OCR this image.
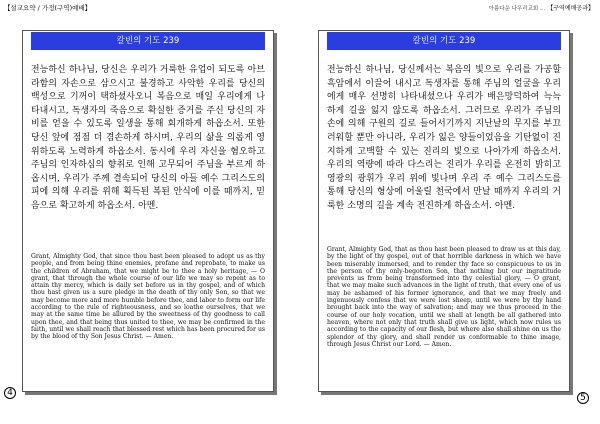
【설교요약 / 가정(구역)예배】	아름다운 나우리교회 ... 【구역예배공과】
칼빈의 기도 239
전능하신 하나님, 당신은 우리가 거룩한 유업이 되도록 아브라함의 자손으로 삼으시고 불경하고 사악한 우리를 당신의 백성으로 기꺼이 택하셨사오니 복음으로 매일 우리에게 나타내시고, 독생자의 죽음으로 확실한 증거를 주신 당신의 자비를 얻을 수 있도록 일생을 통해 회개하게 하옵소서. 또한 당신 앞에 점점 더 겸손하게 하시며, 우리의 삶을 의롭게 영위하도록 노력하게 하옵소서. 동시에 우리 자신을 혐오하고 주님의 인자하심의 향취로 인해 고무되어 주님을 부르게 하옵시며, 우리가 주께 결속되어 당신의 아들 예수 그리스도의 피에 의해 우리를 위해 획득된 복된 안식에 이를 때까지, 믿음으로 확고하게 하옵소서. 아멘.
Grant, Almighty God, that since thou hast been pleased to adopt us as thy people, and from being thine enemies, profane and reprobate, to make us the children of Abraham, that we might be to thee a holy heritage, — O grant, that through the whole course of our life we may so repent as to attain thy mercy, which is daily set before us in thy gospel, and of which thou hast given us a sure pledge in the death of thy only Son, so that we may become more and more humble before thee, and labor to form our life according to the rule of righteousness, and so loathe ourselves, that we may at the same time be allured by the sweetness of thy goodness to call upon thee, and that being thus united to thee, we may be confirmed in the faith, until we shall reach that blessed rest which has been procured for us by the blood of thy Son Jesus Christ. — Amen.
4
칼빈의 기도 239
전능하신 하나님, 당신께서는 복음의 빛으로 우리를 가공할 흑암에서 이끌어 내시고 독생자를 통해 주님의 얼굴을 우리에게 매우 선명히 나타내셨으나 우리가 배은망덕하여 늑늑하게 길을 잃지 않도록 하옵소서. 그러므로 우리가 주님의 손에 의해 구원의 길로 들어서기까지 지난날의 무지를 부끄러워할 뿐만 아니라, 우리가 잃은 양들이었음을 기탄없이 진지하게 고백할 수 있는 진리의 빛으로 나아가게 하옵소서. 우리의 역량에 따라 다스리는 진리가 우리를 온전히 밝히고 영광의 광휘가 우리 위에 빛나며 우리 주 예수 그리스도를 통해 당신의 형상에 어울릴 천국에서 만날 때까지 우리의 거룩한 소명의 길을 계속 전진하게 하옵소서. 아멘.
Grant, Almighty God, that as thou hast been pleased to draw us at this day, by the light of thy gospel, out of that horrible darkness in which we have been miserably immersed, and to render thy face so conspicuous to us in the person of thy only-begotten Son, that nothing but our ingratitude prevents us from being transformed into thy celestial glory, — O grant, that we may make such advances in the light of truth, that every one of us may be ashamed of his former ignorance, and that we may freely and ingenuously confess that we were lost sheep, until we were by thy hand brought back into the way of salvation; and may we thus proceed in the course of our holy vocation, until we shall at length be all gathered into heaven, where not only that truth shall give us light, which now rules us according to the capacity of our flesh, but where also shall shine on us the splendor of thy glory, and shall render us conformable to thine image, through Jesus Christ our Lord. — Amen.
5
